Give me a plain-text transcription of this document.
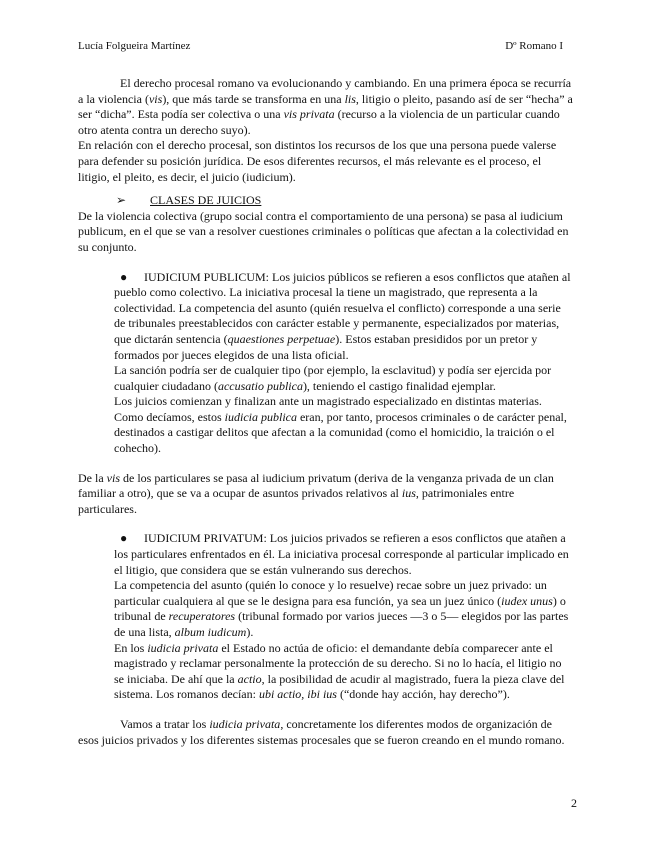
Lucía Folgueira Martínez	Dº Romano I

El derecho procesal romano va evolucionando y cambiando. En una primera época se recurría a la violencia (vis), que más tarde se transforma en una lis, litigio o pleito, pasando así de ser “hecha” a ser “dicha”. Esta podía ser colectiva o una vis privata (recurso a la violencia de un particular cuando otro atenta contra un derecho suyo).

En relación con el derecho procesal, son distintos los recursos de los que una persona puede valerse para defender su posición jurídica. De esos diferentes recursos, el más relevante es el proceso, el litigio, el pleito, es decir, el juicio (iudicium).

➢ CLASES DE JUICIOS

De la violencia colectiva (grupo social contra el comportamiento de una persona) se pasa al iudicium publicum, en el que se van a resolver cuestiones criminales o políticas que afectan a la colectividad en su conjunto.

● IUDICIUM PUBLICUM: Los juicios públicos se refieren a esos conflictos que atañen al pueblo como colectivo. La iniciativa procesal la tiene un magistrado, que representa a la colectividad. La competencia del asunto (quién resuelva el conflicto) corresponde a una serie de tribunales preestablecidos con carácter estable y permanente, especializados por materias, que dictarán sentencia (quaestiones perpetuae). Estos estaban presididos por un pretor y formados por jueces elegidos de una lista oficial.

La sanción podría ser de cualquier tipo (por ejemplo, la esclavitud) y podía ser ejercida por cualquier ciudadano (accusatio publica), teniendo el castigo finalidad ejemplar.

Los juicios comienzan y finalizan ante un magistrado especializado en distintas materias.

Como decíamos, estos iudicia publica eran, por tanto, procesos criminales o de carácter penal, destinados a castigar delitos que afectan a la comunidad (como el homicidio, la traición o el cohecho).

De la vis de los particulares se pasa al iudicium privatum (deriva de la venganza privada de un clan familiar a otro), que se va a ocupar de asuntos privados relativos al ius, patrimoniales entre particulares.

● IUDICIUM PRIVATUM: Los juicios privados se refieren a esos conflictos que atañen a los particulares enfrentados en él. La iniciativa procesal corresponde al particular implicado en el litigio, que considera que se están vulnerando sus derechos.

La competencia del asunto (quién lo conoce y lo resuelve) recae sobre un juez privado: un particular cualquiera al que se le designa para esa función, ya sea un juez único (iudex unus) o tribunal de recuperatores (tribunal formado por varios jueces —3 o 5— elegidos por las partes de una lista, album iudicum).

En los iudicia privata el Estado no actúa de oficio: el demandante debía comparecer ante el magistrado y reclamar personalmente la protección de su derecho. Si no lo hacía, el litigio no se iniciaba. De ahí que la actio, la posibilidad de acudir al magistrado, fuera la pieza clave del sistema. Los romanos decían: ubi actio, ibi ius (“donde hay acción, hay derecho”).

Vamos a tratar los iudicia privata, concretamente los diferentes modos de organización de esos juicios privados y los diferentes sistemas procesales que se fueron creando en el mundo romano.

2
